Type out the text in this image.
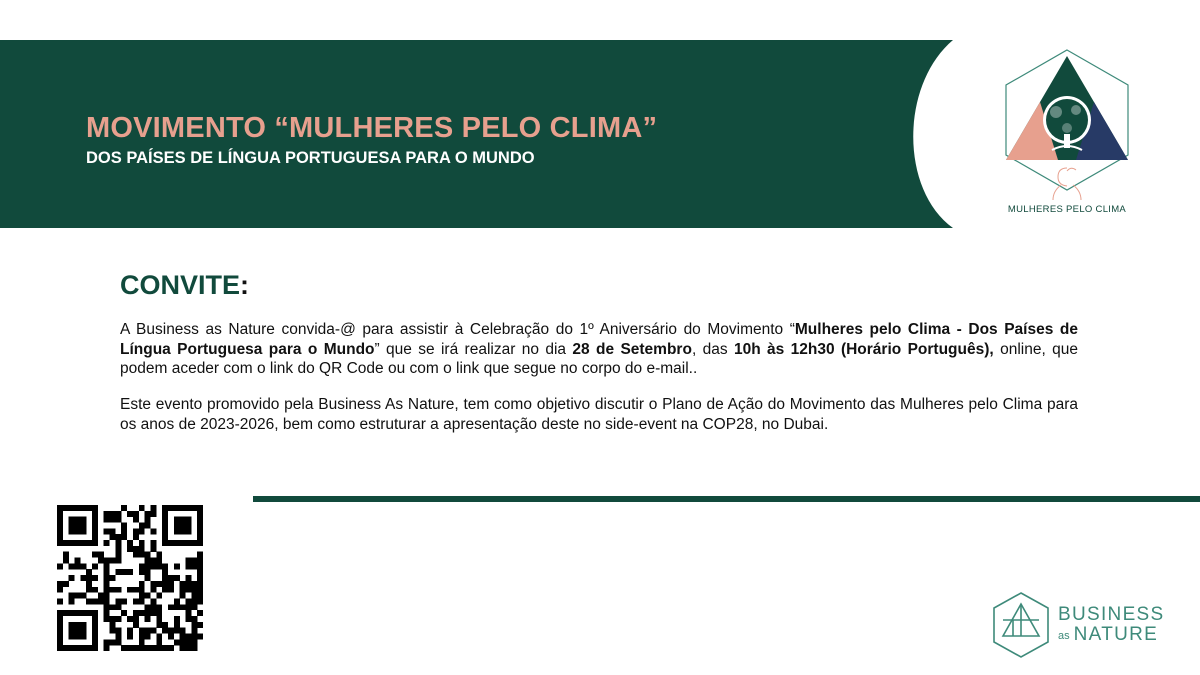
MOVIMENTO “MULHERES PELO CLIMA”
DOS PAÍSES DE LÍNGUA PORTUGUESA PARA O MUNDO
MULHERES PELO CLIMA
CONVITE:

A Business as Nature convida-@ para assistir à Celebração do 1º Aniversário do Movimento “Mulheres pelo Clima - Dos Países de Língua Portuguesa para o Mundo” que se irá realizar no dia 28 de Setembro, das 10h às 12h30 (Horário Português), online, que podem aceder com o link do QR Code ou com o link que segue no corpo do e-mail..

Este evento promovido pela Business As Nature, tem como objetivo discutir o Plano de Ação do Movimento das Mulheres pelo Clima para os anos de 2023-2026, bem como estruturar a apresentação deste no side-event na COP28, no Dubai.

BUSINESS
as NATURE
